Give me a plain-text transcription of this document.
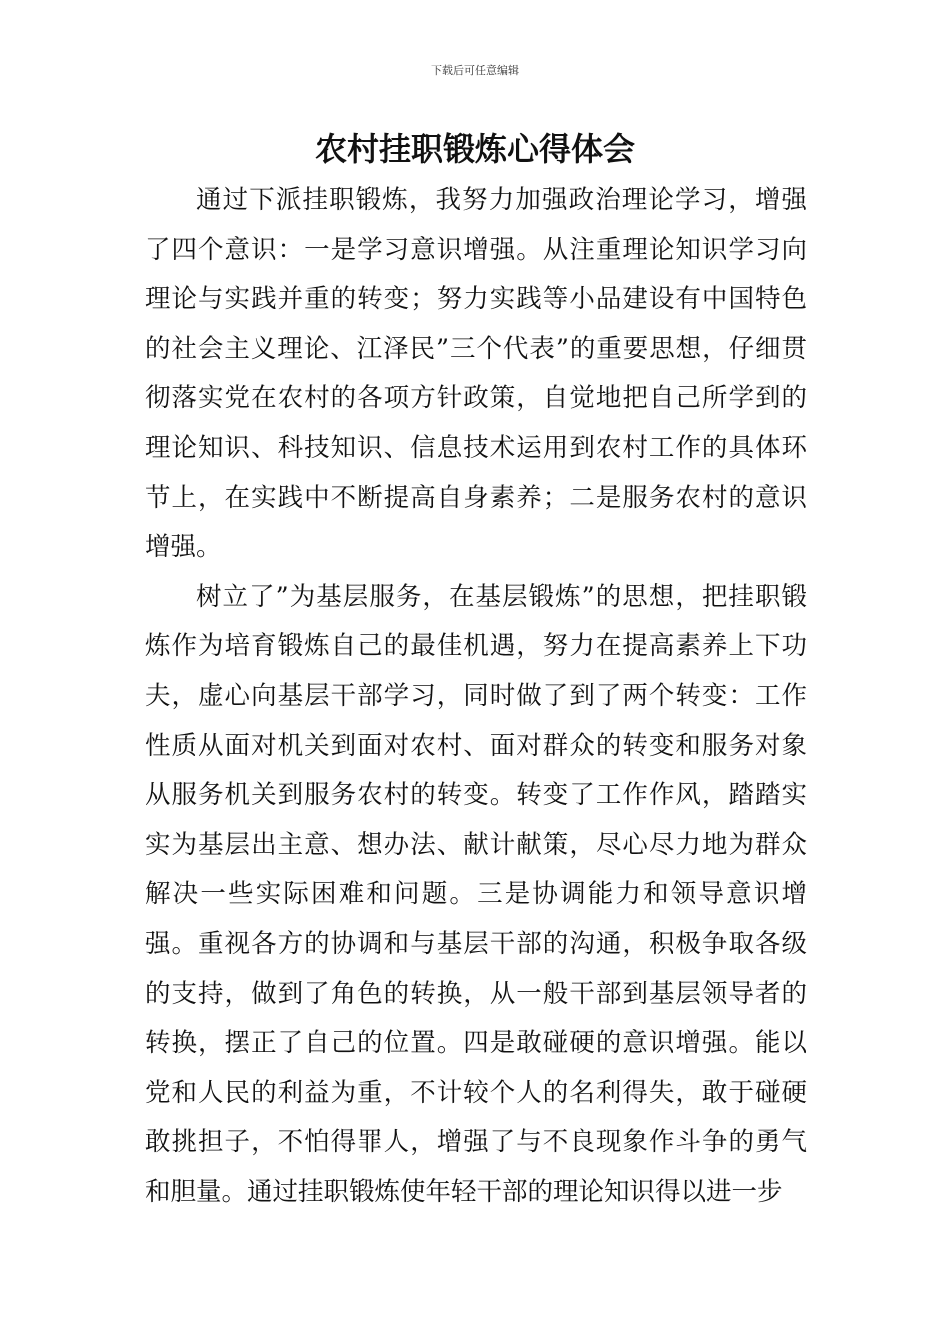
下载后可任意编辑
农村挂职锻炼心得体会

通过下派挂职锻炼，我努力加强政治理论学习，增强了四个意识：一是学习意识增强。从注重理论知识学习向理论与实践并重的转变；努力实践等小品建设有中国特色的社会主义理论、江泽民”三个代表”的重要思想，仔细贯彻落实党在农村的各项方针政策，自觉地把自己所学到的理论知识、科技知识、信息技术运用到农村工作的具体环节上，在实践中不断提高自身素养；二是服务农村的意识增强。

树立了”为基层服务，在基层锻炼”的思想，把挂职锻炼作为培育锻炼自己的最佳机遇，努力在提高素养上下功夫，虚心向基层干部学习，同时做了到了两个转变：工作性质从面对机关到面对农村、面对群众的转变和服务对象从服务机关到服务农村的转变。转变了工作作风，踏踏实实为基层出主意、想办法、献计献策，尽心尽力地为群众解决一些实际困难和问题。三是协调能力和领导意识增强。重视各方的协调和与基层干部的沟通，积极争取各级的支持，做到了角色的转换，从一般干部到基层领导者的转换，摆正了自己的位置。四是敢碰硬的意识增强。能以党和人民的利益为重，不计较个人的名利得失，敢于碰硬敢挑担子，不怕得罪人，增强了与不良现象作斗争的勇气和胆量。通过挂职锻炼使年轻干部的理论知识得以进一步
